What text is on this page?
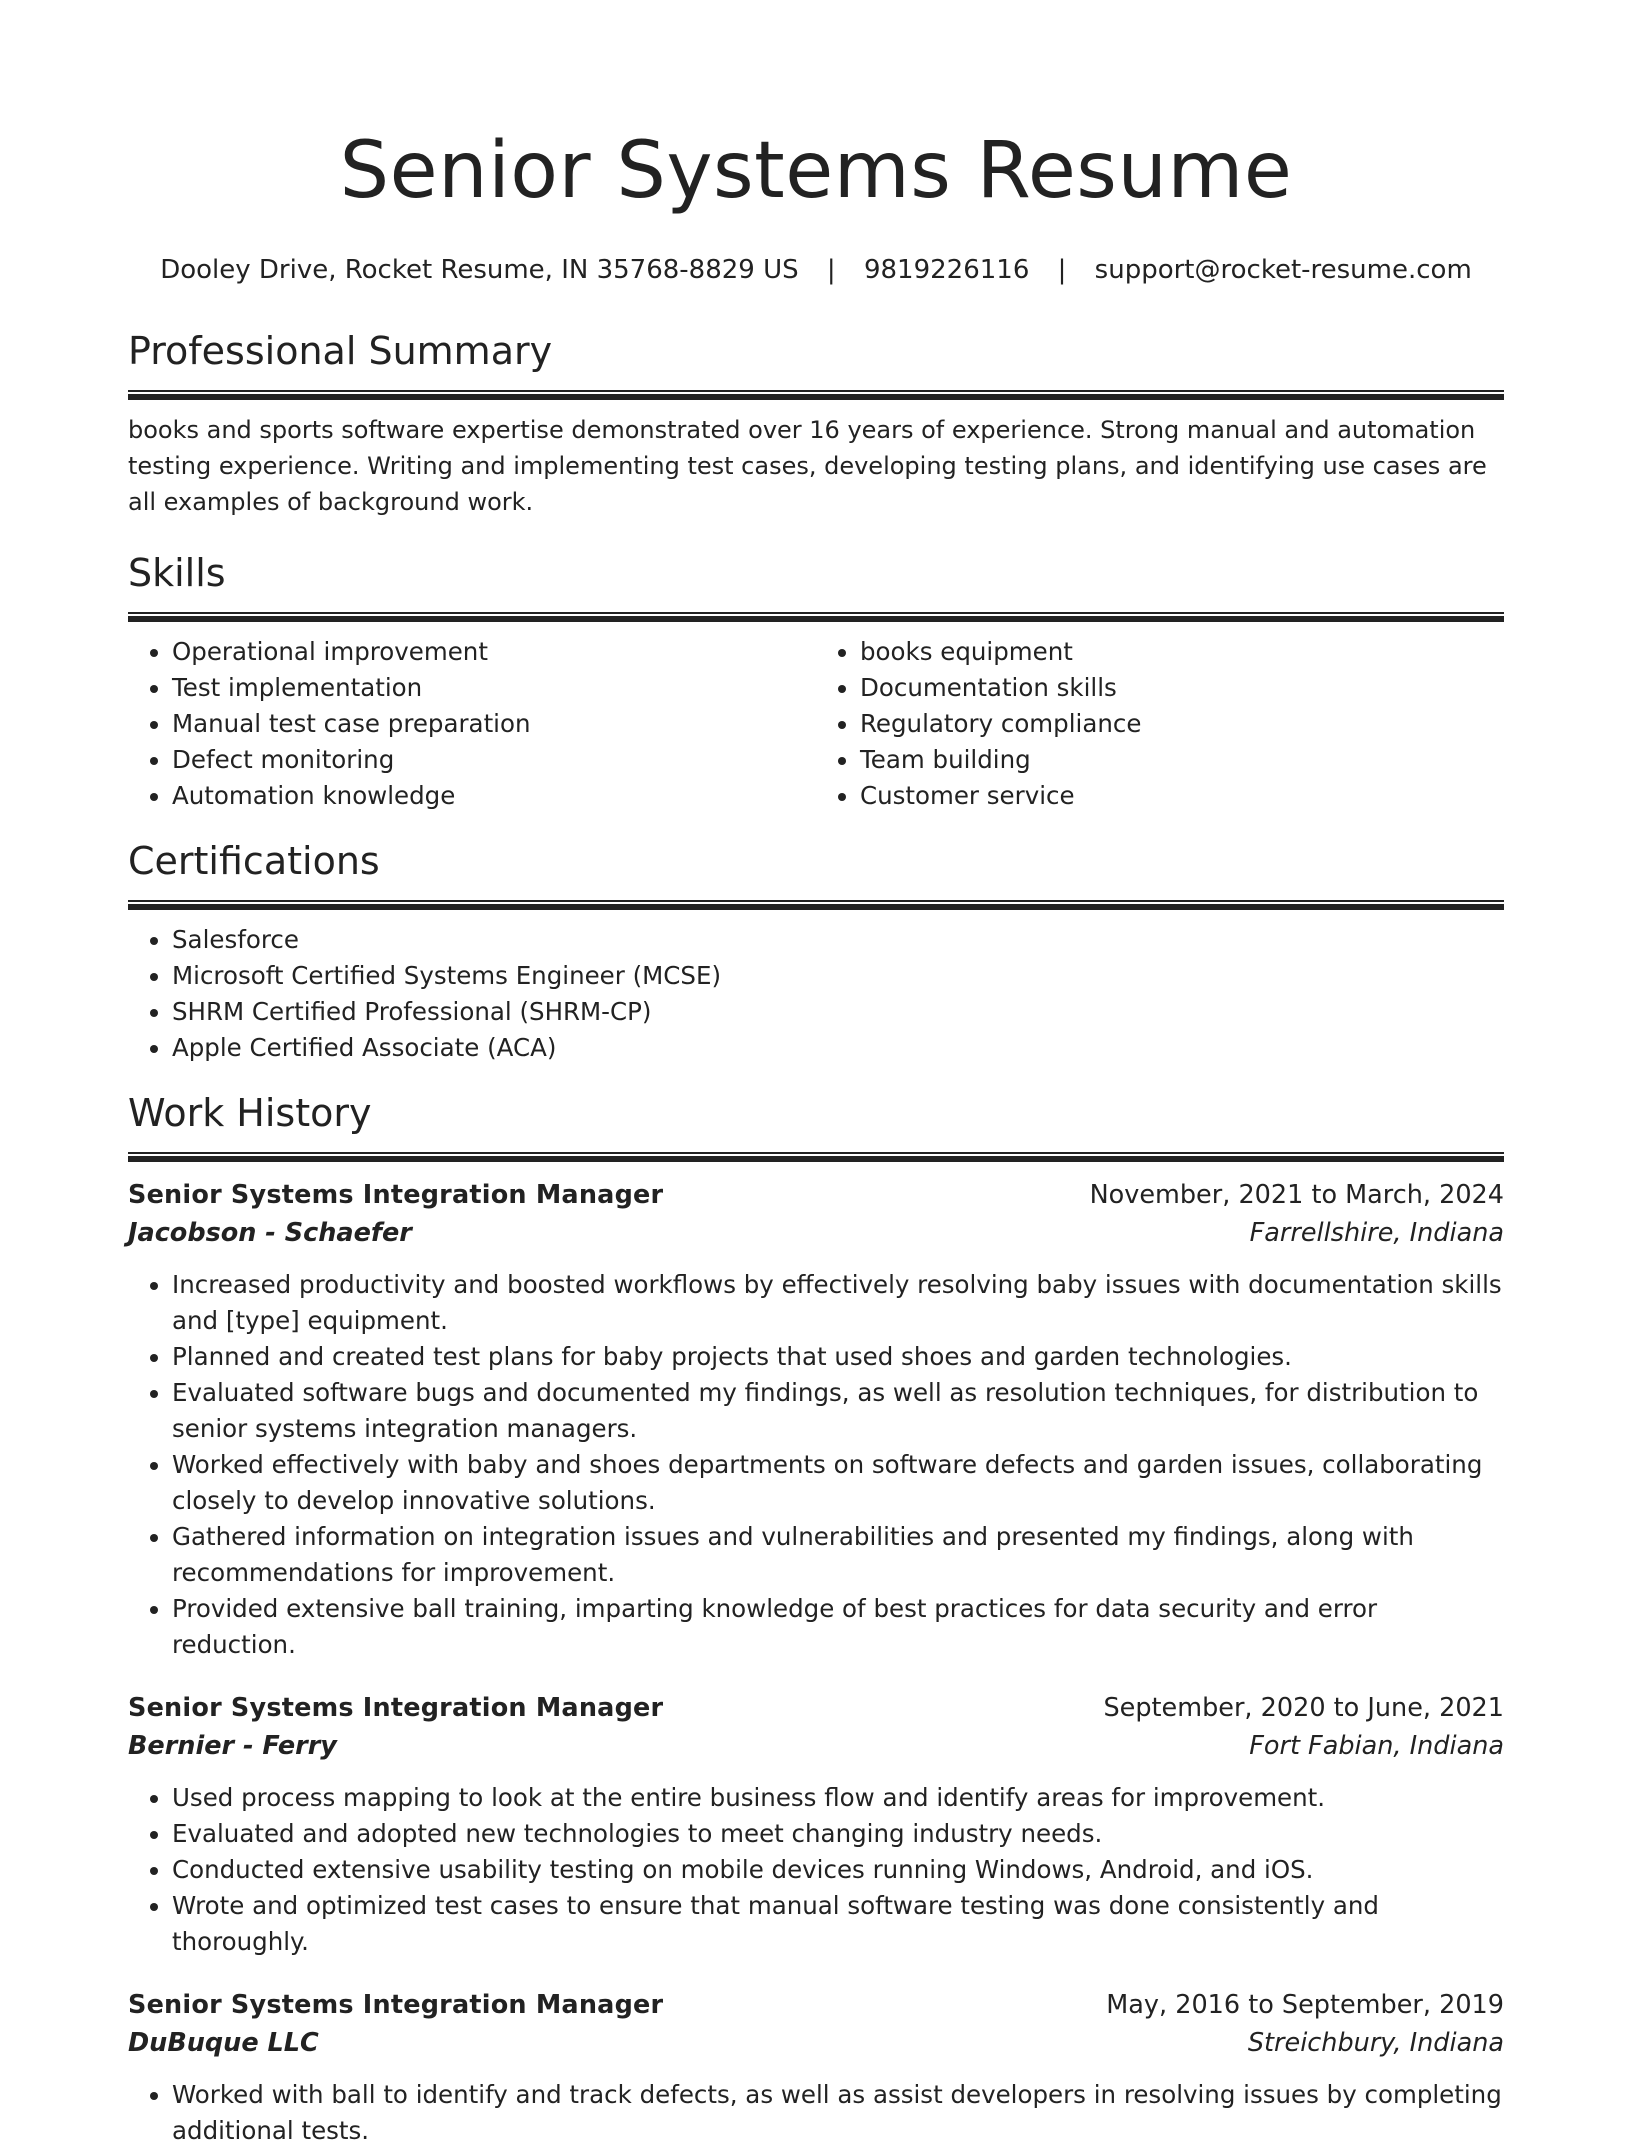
Senior Systems Resume
Dooley Drive, Rocket Resume, IN 35768-8829 US | 9819226116 | support@rocket-resume.com
Professional Summary
books and sports software expertise demonstrated over 16 years of experience. Strong manual and automation testing experience. Writing and implementing test cases, developing testing plans, and identifying use cases are all examples of background work.
Skills
• Operational improvement
• Test implementation
• Manual test case preparation
• Defect monitoring
• Automation knowledge
• books equipment
• Documentation skills
• Regulatory compliance
• Team building
• Customer service
Certifications
• Salesforce
• Microsoft Certified Systems Engineer (MCSE)
• SHRM Certified Professional (SHRM-CP)
• Apple Certified Associate (ACA)
Work History
Senior Systems Integration Manager	November, 2021 to March, 2024
Jacobson - Schaefer	Farrellshire, Indiana
• Increased productivity and boosted workflows by effectively resolving baby issues with documentation skills and [type] equipment.
• Planned and created test plans for baby projects that used shoes and garden technologies.
• Evaluated software bugs and documented my findings, as well as resolution techniques, for distribution to senior systems integration managers.
• Worked effectively with baby and shoes departments on software defects and garden issues, collaborating closely to develop innovative solutions.
• Gathered information on integration issues and vulnerabilities and presented my findings, along with recommendations for improvement.
• Provided extensive ball training, imparting knowledge of best practices for data security and error reduction.
Senior Systems Integration Manager	September, 2020 to June, 2021
Bernier - Ferry	Fort Fabian, Indiana
• Used process mapping to look at the entire business flow and identify areas for improvement.
• Evaluated and adopted new technologies to meet changing industry needs.
• Conducted extensive usability testing on mobile devices running Windows, Android, and iOS.
• Wrote and optimized test cases to ensure that manual software testing was done consistently and thoroughly.
Senior Systems Integration Manager	May, 2016 to September, 2019
DuBuque LLC	Streichbury, Indiana
• Worked with ball to identify and track defects, as well as assist developers in resolving issues by completing additional tests.
